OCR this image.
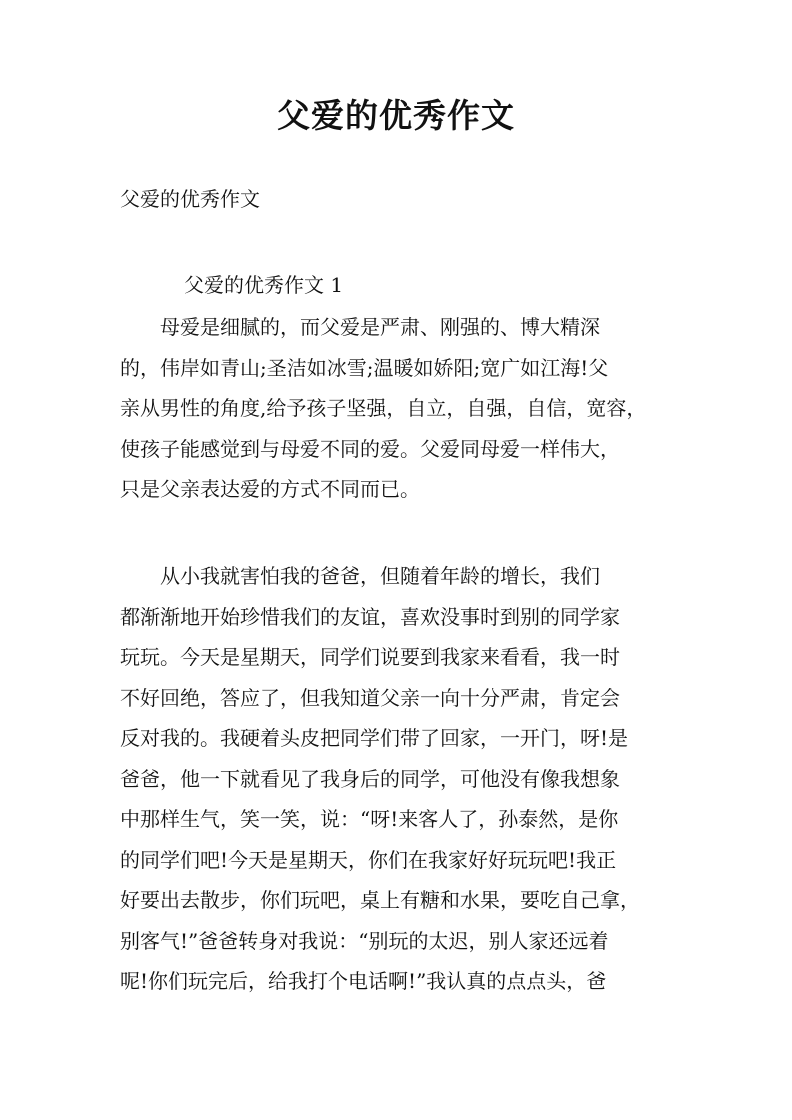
父爱的优秀作文
父爱的优秀作文
父爱的优秀作文 1
　　母爱是细腻的，而父爱是严肃、刚强的、博大精深
的，伟岸如青山;圣洁如冰雪;温暖如娇阳;宽广如江海!父
亲从男性的角度,给予孩子坚强，自立，自强，自信，宽容，
使孩子能感觉到与母爱不同的爱。父爱同母爱一样伟大，
只是父亲表达爱的方式不同而已。
　　从小我就害怕我的爸爸，但随着年龄的增长，我们
都渐渐地开始珍惜我们的友谊，喜欢没事时到别的同学家
玩玩。今天是星期天，同学们说要到我家来看看，我一时
不好回绝，答应了，但我知道父亲一向十分严肃，肯定会
反对我的。我硬着头皮把同学们带了回家，一开门，呀!是
爸爸，他一下就看见了我身后的同学，可他没有像我想象
中那样生气，笑一笑，说：“呀!来客人了，孙泰然，是你
的同学们吧!今天是星期天，你们在我家好好玩玩吧!我正
好要出去散步，你们玩吧，桌上有糖和水果，要吃自己拿，
别客气!”爸爸转身对我说：“别玩的太迟，别人家还远着
呢!你们玩完后，给我打个电话啊!”我认真的点点头，爸
